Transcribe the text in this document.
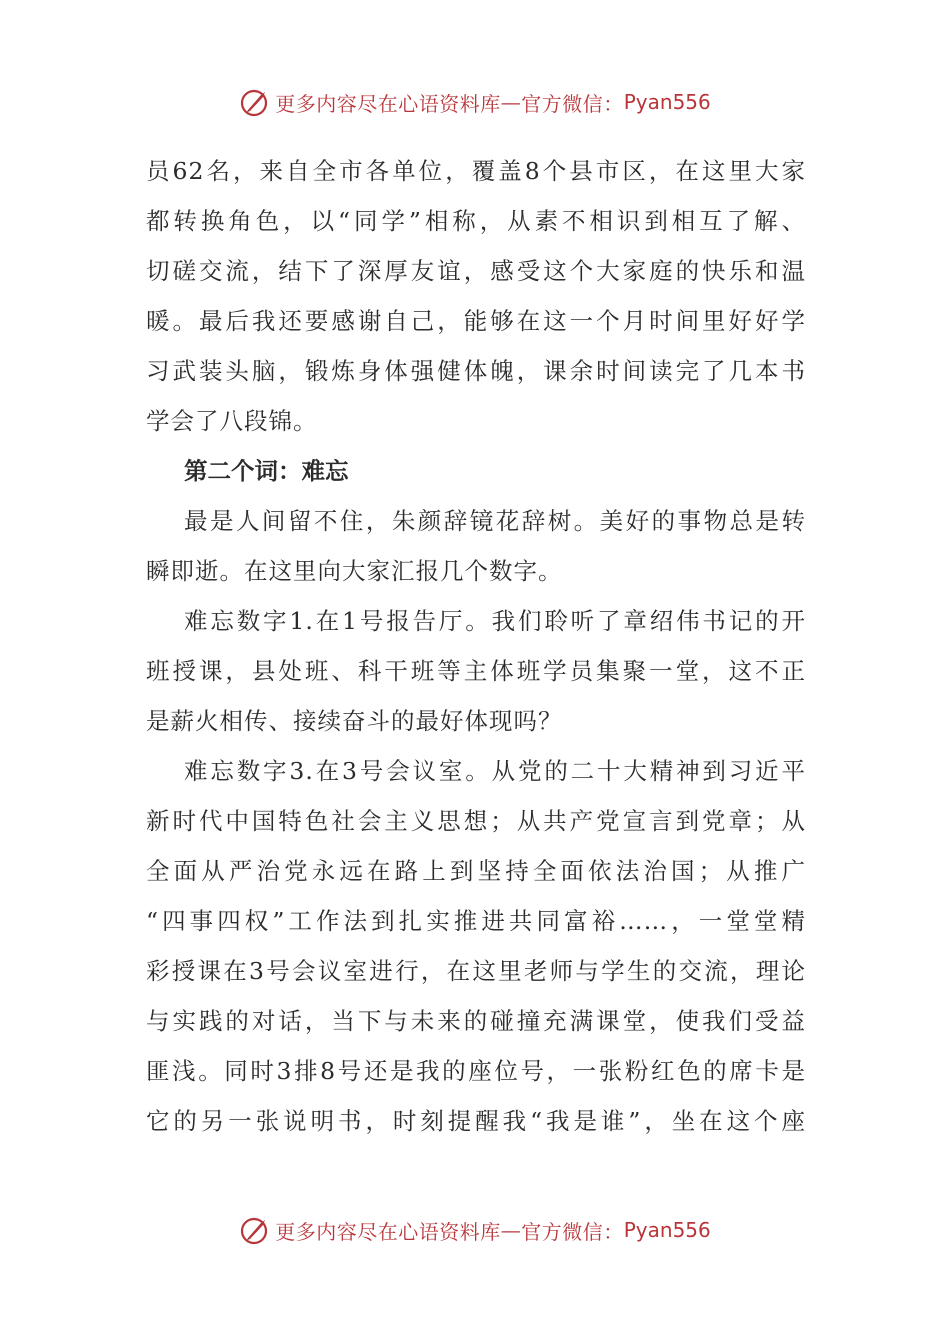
更多内容尽在心语资料库 — 官方微信： Pyan556
员62名，来自全市各单位，覆盖8个县市区，在这里大家
都转换角色，以“同学”相称，从素不相识到相互了解、
切磋交流，结下了深厚友谊，感受这个大家庭的快乐和温
暖。最后我还要感谢自己，能够在这一个月时间里好好学
习武装头脑，锻炼身体强健体魄，课余时间读完了几本书
学会了八段锦。
第二个词：难忘
最是人间留不住，朱颜辞镜花辞树。美好的事物总是转
瞬即逝。在这里向大家汇报几个数字。
难忘数字1.在1号报告厅。我们聆听了章绍伟书记的开
班授课，县处班、科干班等主体班学员集聚一堂，这不正
是薪火相传、接续奋斗的最好体现吗？
难忘数字3.在3号会议室。从党的二十大精神到习近平
新时代中国特色社会主义思想；从共产党宣言到党章；从
全面从严治党永远在路上到坚持全面依法治国；从推广
“四事四权”工作法到扎实推进共同富裕……，一堂堂精
彩授课在3号会议室进行，在这里老师与学生的交流，理论
与实践的对话，当下与未来的碰撞充满课堂，使我们受益
匪浅。同时3排8号还是我的座位号，一张粉红色的席卡是
它的另一张说明书，时刻提醒我“我是谁”，坐在这个座
更多内容尽在心语资料库 — 官方微信： Pyan556
